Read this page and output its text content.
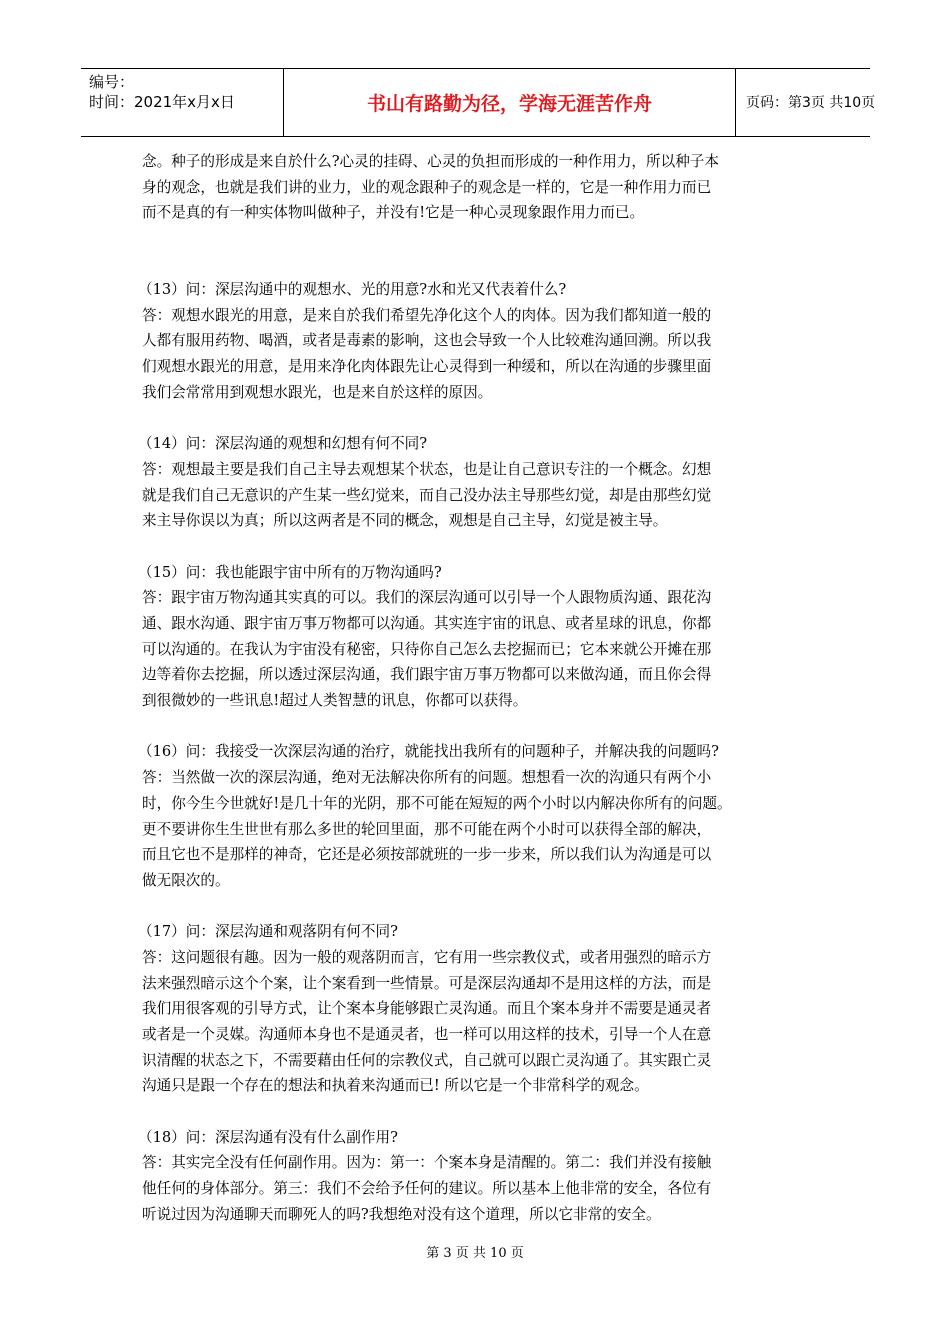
编号：
时间：2021年x月x日	书山有路勤为径，学海无涯苦作舟	页码：第3页 共10页
念。种子的形成是来自於什么?心灵的挂碍、心灵的负担而形成的一种作用力，所以种子本
身的观念，也就是我们讲的业力，业的观念跟种子的观念是一样的，它是一种作用力而已
而不是真的有一种实体物叫做种子，并没有!它是一种心灵现象跟作用力而已。
（13）问：深层沟通中的观想水、光的用意?水和光又代表着什么?
答：观想水跟光的用意，是来自於我们希望先净化这个人的肉体。因为我们都知道一般的
人都有服用药物、喝酒，或者是毒素的影响，这也会导致一个人比较难沟通回溯。所以我
们观想水跟光的用意，是用来净化肉体跟先让心灵得到一种缓和，所以在沟通的步骤里面
我们会常常用到观想水跟光，也是来自於这样的原因。
（14）问：深层沟通的观想和幻想有何不同?
答：观想最主要是我们自己主导去观想某个状态，也是让自己意识专注的一个概念。幻想
就是我们自己无意识的产生某一些幻觉来，而自己没办法主导那些幻觉，却是由那些幻觉
来主导你误以为真；所以这两者是不同的概念，观想是自己主导，幻觉是被主导。
（15）问：我也能跟宇宙中所有的万物沟通吗?
答：跟宇宙万物沟通其实真的可以。我们的深层沟通可以引导一个人跟物质沟通、跟花沟
通、跟水沟通、跟宇宙万事万物都可以沟通。其实连宇宙的讯息、或者星球的讯息，你都
可以沟通的。在我认为宇宙没有秘密，只待你自己怎么去挖掘而已；它本来就公开摊在那
边等着你去挖掘，所以透过深层沟通，我们跟宇宙万事万物都可以来做沟通，而且你会得
到很微妙的一些讯息!超过人类智慧的讯息，你都可以获得。
（16）问：我接受一次深层沟通的治疗，就能找出我所有的问题种子，并解决我的问题吗?
答：当然做一次的深层沟通，绝对无法解决你所有的问题。想想看一次的沟通只有两个小
时，你今生今世就好!是几十年的光阴，那不可能在短短的两个小时以内解决你所有的问题。
更不要讲你生生世世有那么多世的轮回里面，那不可能在两个小时可以获得全部的解决，
而且它也不是那样的神奇，它还是必须按部就班的一步一步来，所以我们认为沟通是可以
做无限次的。
（17）问：深层沟通和观落阴有何不同?
答：这问题很有趣。因为一般的观落阴而言，它有用一些宗教仪式，或者用强烈的暗示方
法来强烈暗示这个个案，让个案看到一些情景。可是深层沟通却不是用这样的方法，而是
我们用很客观的引导方式，让个案本身能够跟亡灵沟通。而且个案本身并不需要是通灵者
或者是一个灵媒。沟通师本身也不是通灵者，也一样可以用这样的技术，引导一个人在意
识清醒的状态之下，不需要藉由任何的宗教仪式，自己就可以跟亡灵沟通了。其实跟亡灵
沟通只是跟一个存在的想法和执着来沟通而已! 所以它是一个非常科学的观念。
（18）问：深层沟通有没有什么副作用?
答：其实完全没有任何副作用。因为：第一：个案本身是清醒的。第二：我们并没有接触
他任何的身体部分。第三：我们不会给予任何的建议。所以基本上他非常的安全，各位有
听说过因为沟通聊天而聊死人的吗?我想绝对没有这个道理，所以它非常的安全。
第 3 页 共 10 页
